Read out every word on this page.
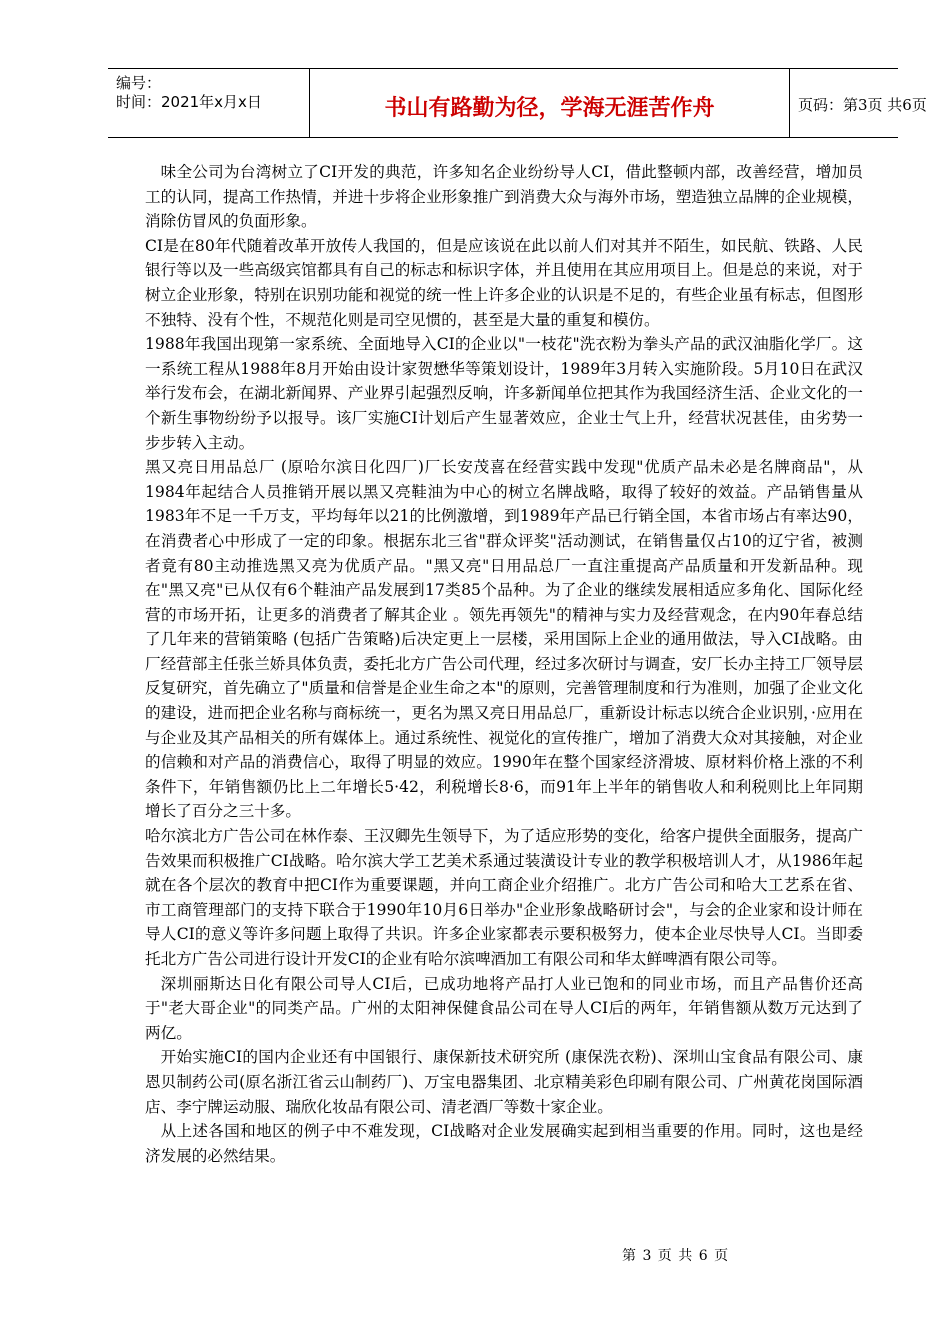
编号：
时间：2021年x月x日	书山有路勤为径，学海无涯苦作舟	页码：第3页 共6页

味全公司为台湾树立了CI开发的典范，许多知名企业纷纷导人CI，借此整顿内部，改善经营，增加员工的认同，提高工作热情，并进十步将企业形象推广到消费大众与海外市场，塑造独立品牌的企业规模，消除仿冒风的负面形象。

CI是在80年代随着改革开放传人我国的，但是应该说在此以前人们对其并不陌生，如民航、铁路、人民银行等以及一些高级宾馆都具有自己的标志和标识字体，并且使用在其应用项目上。但是总的来说，对于树立企业形象，特别在识别功能和视觉的统一性上许多企业的认识是不足的，有些企业虽有标志，但图形不独特、没有个性，不规范化则是司空见惯的，甚至是大量的重复和模仿。

1988年我国出现第一家系统、全面地导入CI的企业以"一枝花"洗衣粉为拳头产品的武汉油脂化学厂。这一系统工程从1988年8月开始由设计家贺懋华等策划设计，1989年3月转入实施阶段。5月10日在武汉举行发布会，在湖北新闻界、产业界引起强烈反响，许多新闻单位把其作为我国经济生活、企业文化的一个新生事物纷纷予以报导。该厂实施CI计划后产生显著效应，企业士气上升，经营状况甚佳，由劣势一步步转入主动。

黑又亮日用品总厂 (原哈尔滨日化四厂)厂长安茂喜在经营实践中发现"优质产品未必是名牌商品"，从1984年起结合人员推销开展以黑又亮鞋油为中心的树立名牌战略，取得了较好的效益。产品销售量从1983年不足一千万支，平均每年以21的比例激增，到1989年产品已行销全国，本省市场占有率达90，在消费者心中形成了一定的印象。根据东北三省"群众评奖"活动测试，在销售量仅占10的辽宁省，被测者竟有80主动推选黑又亮为优质产品。"黑又亮"日用品总厂一直注重提高产品质量和开发新品种。现在"黑又亮"已从仅有6个鞋油产品发展到17类85个品种。为了企业的继续发展相适应多角化、国际化经营的市场开拓，让更多的消费者了解其企业 。领先再领先"的精神与实力及经营观念，在内90年春总结了几年来的营销策略 (包括广告策略)后决定更上一层楼，采用国际上企业的通用做法，导入CI战略。由厂经营部主任张兰娇具体负责，委托北方广告公司代理，经过多次研讨与调查，安厂长办主持工厂领导层反复研究，首先确立了"质量和信誉是企业生命之本"的原则，完善管理制度和行为准则，加强了企业文化的建设，进而把企业名称与商标统一，更名为黑又亮日用品总厂，重新设计标志以统合企业识别，·应用在与企业及其产品相关的所有媒体上。通过系统性、视觉化的宣传推广，增加了消费大众对其接触，对企业的信赖和对产品的消费信心，取得了明显的效应。1990年在整个国家经济滑坡、原材料价格上涨的不利条件下，年销售额仍比上二年增长5·42，利税增长8·6，而91年上半年的销售收人和利税则比上年同期增长了百分之三十多。

哈尔滨北方广告公司在林作泰、王汉卿先生领导下，为了适应形势的变化，给客户提供全面服务，提高广告效果而积极推广CI战略。哈尔滨大学工艺美术系通过装潢设计专业的教学积极培训人才，从1986年起就在各个层次的教育中把CI作为重要课题，并向工商企业介绍推广。北方广告公司和哈大工艺系在省、市工商管理部门的支持下联合于1990年10月6日举办"企业形象战略研讨会"，与会的企业家和设计师在导人CI的意义等许多问题上取得了共识。许多企业家都表示要积极努力，使本企业尽快导人CI。当即委托北方广告公司进行设计开发CI的企业有哈尔滨啤酒加工有限公司和华太鲜啤酒有限公司等。

深圳丽斯达日化有限公司导人CI后，已成功地将产品打人业已饱和的同业市场，而且产品售价还高于"老大哥企业"的同类产品。广州的太阳神保健食品公司在导人CI后的两年，年销售额从数万元达到了两亿。

开始实施CI的国内企业还有中国银行、康保新技术研究所 (康保洗衣粉)、深圳山宝食品有限公司、康恩贝制药公司(原名浙江省云山制药厂)、万宝电器集团、北京精美彩色印刷有限公司、广州黄花岗国际酒店、李宁牌运动服、瑞欣化妆品有限公司、清老酒厂等数十家企业。

从上述各国和地区的例子中不难发现，CI战略对企业发展确实起到相当重要的作用。同时，这也是经济发展的必然结果。

第 3 页 共 6 页
